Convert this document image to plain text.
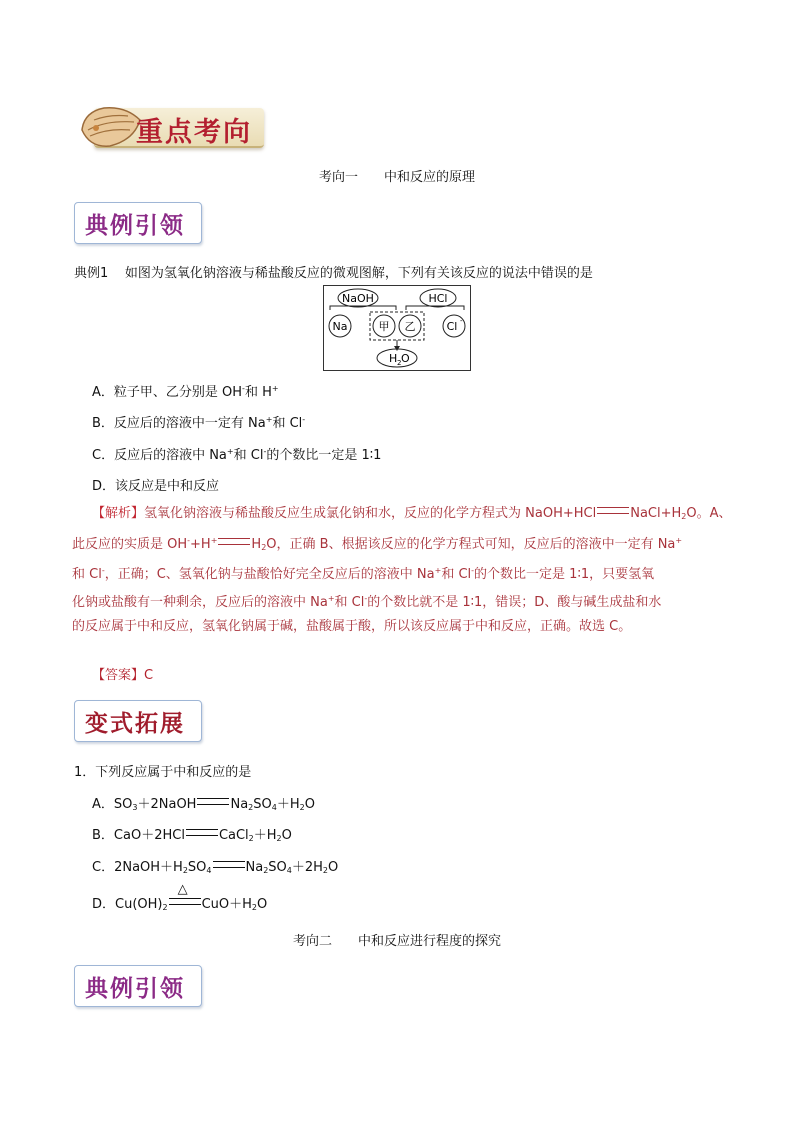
重点考向
考向一 中和反应的原理
典例引领
典例1 如图为氢氧化钠溶液与稀盐酸反应的微观图解，下列有关该反应的说法中错误的是
NaOH	HCl
Na	甲 乙	Cl -
H 2 O
A．粒子甲、乙分别是 OH-和 H+
B．反应后的溶液中一定有 Na+和 Cl-
C．反应后的溶液中 Na+和 Cl-的个数比一定是 1∶1
D．该反应是中和反应
【解析】氢氧化钠溶液与稀盐酸反应生成氯化钠和水，反应的化学方程式为 NaOH+HCl	$NaCl+H_2O$。A、
此反应的实质是 OH-+H+	$H_2O$，正确 B、根据该反应的化学方程式可知，反应后的溶液中一定有 Na+
和 Cl-，正确；C、氢氧化钠与盐酸恰好完全反应后的溶液中 Na+和 Cl-的个数比一定是 1∶1，只要氢氧
化钠或盐酸有一种剩余，反应后的溶液中 Na+和 Cl-的个数比就不是 1∶1，错误；D、酸与碱生成盐和水
的反应属于中和反应，氢氧化钠属于碱，盐酸属于酸，所以该反应属于中和反应，正确。故选 C。
【答案】C
变式拓展
1．下列反应属于中和反应的是
A．$SO_3+2NaOH$	$Na_2SO_4+H_2O$
B．CaO＋2HCl	$CaCl_2+H_2O$
C．$2NaOH+H_2SO_4$	$Na_2SO_4+2H_2O$
D．$Cu(OH)_2$
△
$CuO+H_2O$
考向二 中和反应进行程度的探究
典例引领
